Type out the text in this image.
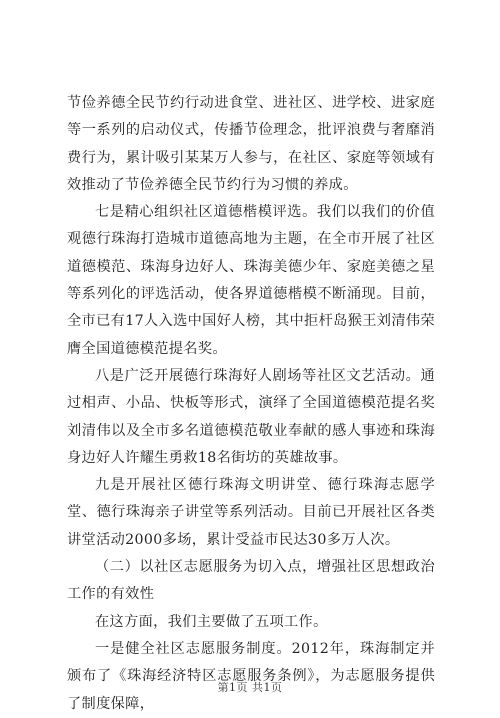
节俭养德全民节约行动进食堂、进社区、进学校、进家庭等一系列的启动仪式，传播节俭理念，批评浪费与奢靡消费行为，累计吸引某某万人参与，在社区、家庭等领域有效推动了节俭养德全民节约行为习惯的养成。

七是精心组织社区道德楷模评选。我们以我们的价值观德行珠海打造城市道德高地为主题，在全市开展了社区道德模范、珠海身边好人、珠海美德少年、家庭美德之星等系列化的评选活动，使各界道德楷模不断涌现。目前，全市已有17人入选中国好人榜，其中拒杆岛猴王刘清伟荣膺全国道德模范提名奖。

八是广泛开展德行珠海好人剧场等社区文艺活动。通过相声、小品、快板等形式，演绎了全国道德模范提名奖刘清伟以及全市多名道德模范敬业奉献的感人事迹和珠海身边好人许耀生勇救18名街坊的英雄故事。

九是开展社区德行珠海文明讲堂、德行珠海志愿学堂、德行珠海亲子讲堂等系列活动。目前已开展社区各类讲堂活动2000多场，累计受益市民达30多万人次。

（二）以社区志愿服务为切入点，增强社区思想政治工作的有效性

在这方面，我们主要做了五项工作。

一是健全社区志愿服务制度。2012年，珠海制定并颁布了《珠海经济特区志愿服务条例》，为志愿服务提供了制度保障，

第1页 共1页
